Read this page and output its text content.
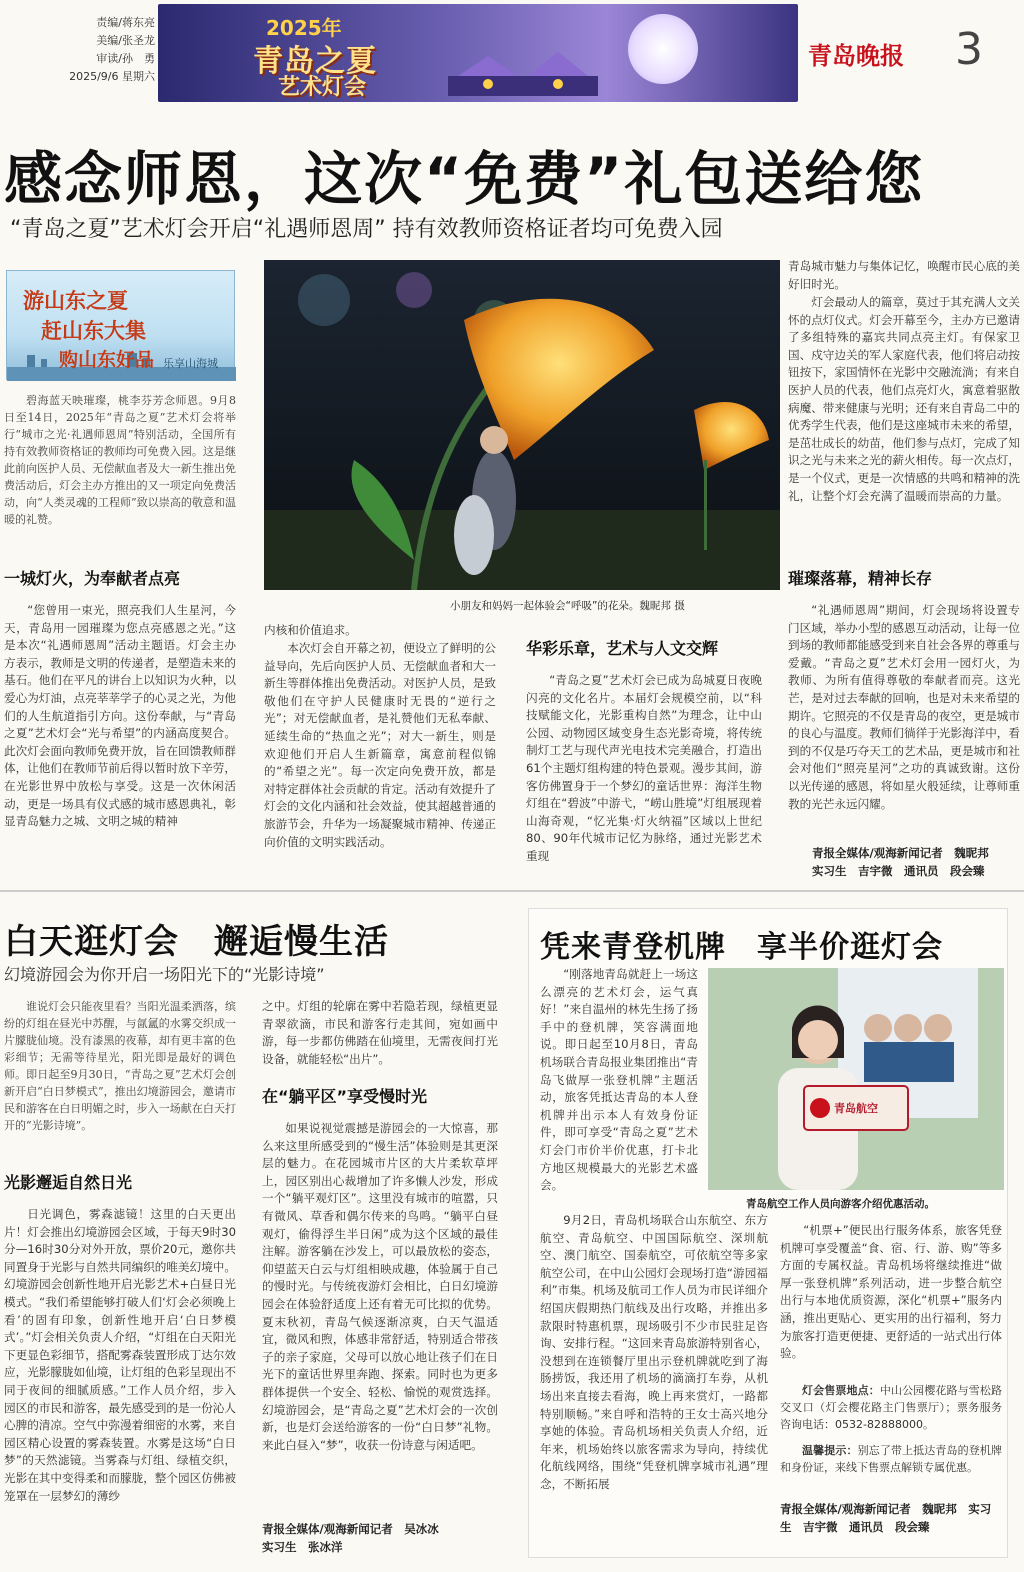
责编/蒋东亮
美编/张圣龙
审读/孙　勇
2025/9/6 星期六
2025年
青岛之夏
艺术灯会
青岛晚报 3
感念师恩，这次“免费”礼包送给您
“青岛之夏”艺术灯会开启“礼遇师恩周” 持有效教师资格证者均可免费入园
游山东之夏
赶山东大集
购山东好品 乐享山海城

碧海蓝天映璀璨，桃李芬芳念师恩。9月8日至14日，2025年“青岛之夏”艺术灯会将举行“城市之光·礼遇师恩周”特别活动，全国所有持有效教师资格证的教师均可免费入园。这是继此前向医护人员、无偿献血者及大一新生推出免费活动后，灯会主办方推出的又一项定向免费活动，向“人类灵魂的工程师”致以崇高的敬意和温暖的礼赞。

一城灯火，为奉献者点亮

“您曾用一束光，照亮我们人生星河，今天，青岛用一园璀璨为您点亮感恩之光。”这是本次“礼遇师恩周”活动主题语。灯会主办方表示，教师是文明的传递者，是塑造未来的基石。他们在平凡的讲台上以知识为火种，以爱心为灯油，点亮莘莘学子的心灵之光，为他们的人生航道指引方向。这份奉献，与“青岛之夏”艺术灯会“光与希望”的内涵高度契合。此次灯会面向教师免费开放，旨在回馈教师群体，让他们在教师节前后得以暂时放下辛劳，在光影世界中放松与享受。这是一次休闲活动，更是一场具有仪式感的城市感恩典礼，彰显青岛魅力之城、文明之城的精神

小朋友和妈妈一起体验会“呼吸”的花朵。魏昵邦 摄
内核和价值追求。

本次灯会自开幕之初，便设立了鲜明的公益导向，先后向医护人员、无偿献血者和大一新生等群体推出免费活动。对医护人员，是致敬他们在守护人民健康时无畏的“逆行之光”；对无偿献血者，是礼赞他们无私奉献、延续生命的“热血之光”；对大一新生，则是欢迎他们开启人生新篇章，寓意前程似锦的“希望之光”。每一次定向免费开放，都是对特定群体社会贡献的肯定。活动有效提升了灯会的文化内涵和社会效益，使其超越普通的旅游节会，升华为一场凝聚城市精神、传递正向价值的文明实践活动。

华彩乐章，艺术与人文交辉

“青岛之夏”艺术灯会已成为岛城夏日夜晚闪亮的文化名片。本届灯会规模空前，以“科技赋能文化，光影重构自然”为理念，让中山公园、动物园区域变身生态光影奇境，将传统制灯工艺与现代声光电技术完美融合，打造出61个主题灯组构建的特色景观。漫步其间，游客仿佛置身于一个梦幻的童话世界：海洋生物灯组在“碧波”中游弋，“崂山胜境”灯组展现着山海奇观，“忆光集·灯火纳福”区域以上世纪80、90年代城市记忆为脉络，通过光影艺术重现

青岛城市魅力与集体记忆，唤醒市民心底的美好旧时光。

灯会最动人的篇章，莫过于其充满人文关怀的点灯仪式。灯会开幕至今，主办方已邀请了多组特殊的嘉宾共同点亮主灯。有保家卫国、戍守边关的军人家庭代表，他们将启动按钮按下，家国情怀在光影中交融流淌；有来自医护人员的代表，他们点亮灯火，寓意着驱散病魔、带来健康与光明；还有来自青岛二中的优秀学生代表，他们是这座城市未来的希望，是茁壮成长的幼苗，他们参与点灯，完成了知识之光与未来之光的薪火相传。每一次点灯，是一个仪式，更是一次情感的共鸣和精神的洗礼，让整个灯会充满了温暖而崇高的力量。

璀璨落幕，精神长存

“礼遇师恩周”期间，灯会现场将设置专门区域，举办小型的感恩互动活动，让每一位到场的教师都能感受到来自社会各界的尊重与爱戴。“青岛之夏”艺术灯会用一园灯火，为教师、为所有值得尊敬的奉献者而亮。这光芒，是对过去奉献的回响，也是对未来希望的期许。它照亮的不仅是青岛的夜空，更是城市的良心与温度。教师们徜徉于光影海洋中，看到的不仅是巧夺天工的艺术品，更是城市和社会对他们“照亮星河”之功的真诚致谢。这份以光传递的感恩，将如星火般延续，让尊师重教的光芒永远闪耀。

青报全媒体/观海新闻记者　魏昵邦
实习生　吉宇微　通讯员　段会臻
白天逛灯会　邂逅慢生活
幻境游园会为你开启一场阳光下的“光影诗境”

谁说灯会只能夜里看？当阳光温柔洒落，缤纷的灯组在昼光中苏醒，与氤氲的水雾交织成一片朦胧仙境。没有漆黑的夜幕，却有更丰富的色彩细节；无需等待星光，阳光即是最好的调色师。即日起至9月30日，“青岛之夏”艺术灯会创新开启“白日梦模式”，推出幻境游园会，邀请市民和游客在白日明媚之时，步入一场献在白天打开的“光影诗境”。

光影邂逅自然日光

日光调色，雾森滤镜！这里的白天更出片！灯会推出幻境游园会区域，于每天9时30分—16时30分对外开放，票价20元，邀你共同置身于光影与自然共同编织的唯美幻境中。幻境游园会创新性地开启光影艺术+白昼日光模式。“我们希望能够打破人们‘灯会必须晚上看’的固有印象，创新性地开启‘白日梦模式’。”灯会相关负责人介绍，“灯组在白天阳光下更显色彩细节，搭配雾森装置形成丁达尔效应，光影朦胧如仙境，让灯组的色彩呈现出不同于夜间的细腻质感。”工作人员介绍，步入园区的市民和游客，最先感受到的是一份沁人心脾的清凉。空气中弥漫着细密的水雾，来自园区精心设置的雾森装置。水雾是这场“白日梦”的天然滤镜。当雾森与灯组、绿植交织，光影在其中变得柔和而朦胧，整个园区仿佛被笼罩在一层梦幻的薄纱

之中。灯组的轮廓在雾中若隐若现，绿植更显青翠欲滴，市民和游客行走其间，宛如画中游，每一步都仿佛踏在仙境里，无需夜间打光设备，就能轻松“出片”。
在“躺平区”享受慢时光

如果说视觉震撼是游园会的一大惊喜，那么来这里所感受到的“慢生活”体验则是其更深层的魅力。在花园城市片区的大片柔软草坪上，园区别出心裁增加了许多懒人沙发，形成一个“躺平观灯区”。这里没有城市的喧嚣，只有微风、草香和偶尔传来的鸟鸣。“躺平白昼观灯，偷得浮生半日闲”成为这个区域的最佳注解。游客躺在沙发上，可以最放松的姿态，仰望蓝天白云与灯组相映成趣，体验属于自己的慢时光。与传统夜游灯会相比，白日幻境游园会在体验舒适度上还有着无可比拟的优势。夏末秋初，青岛气候逐渐凉爽，白天气温适宜，微风和煦，体感非常舒适，特别适合带孩子的亲子家庭，父母可以放心地让孩子们在日光下的童话世界里奔跑、探索。同时也为更多群体提供一个安全、轻松、愉悦的观赏选择。幻境游园会，是“青岛之夏”艺术灯会的一次创新，也是灯会送给游客的一份“白日梦”礼物。来此白昼入“梦”，收获一份诗意与闲适吧。

青报全媒体/观海新闻记者　吴冰冰
实习生　张冰洋
凭来青登机牌　享半价逛灯会

“刚落地青岛就赶上一场这么漂亮的艺术灯会，运气真好！”来自温州的林先生扬了扬手中的登机牌，笑容满面地说。即日起至10月8日，青岛机场联合青岛报业集团推出“青岛飞做厚一张登机牌”主题活动，旅客凭抵达青岛的本人登机牌并出示本人有效身份证件，即可享受“青岛之夏”艺术灯会门市价半价优惠，打卡北方地区规模最大的光影艺术盛会。

青岛航空
青岛航空工作人员向游客介绍优惠活动。

9月2日，青岛机场联合山东航空、东方航空、青岛航空、中国国际航空、深圳航空、澳门航空、国泰航空，可依航空等多家航空公司，在中山公园灯会现场打造“游园福利”市集。机场及航司工作人员为市民详细介绍国庆假期热门航线及出行攻略，并推出多款限时特惠机票，现场吸引不少市民驻足咨询、安排行程。“这回来青岛旅游特别省心，没想到在连锁餐厅里出示登机牌就吃到了海肠捞饭，我还用了机场的滴滴打车券，从机场出来直接去看海，晚上再来赏灯，一路都特别顺畅。”来自呼和浩特的王女士高兴地分享她的体验。青岛机场相关负责人介绍，近年来，机场始终以旅客需求为导向，持续优化航线网络，围绕“凭登机牌享城市礼遇”理念，不断拓展

“机票+”便民出行服务体系，旅客凭登机牌可享受覆盖“食、宿、行、游、购”等多方面的专属权益。青岛机场将继续推进“做厚一张登机牌”系列活动，进一步整合航空出行与本地优质资源，深化“机票+”服务内涵，推出更贴心、更实用的出行福利，努力为旅客打造更便捷、更舒适的一站式出行体验。

灯会售票地点：中山公园樱花路与雪松路交叉口（灯会樱花路主门售票厅）；票务服务咨询电话：0532-82888000。

温馨提示：别忘了带上抵达青岛的登机牌和身份证，来线下售票点解锁专属优惠。

青报全媒体/观海新闻记者　魏昵邦　实习生　吉宇微　通讯员　段会臻
